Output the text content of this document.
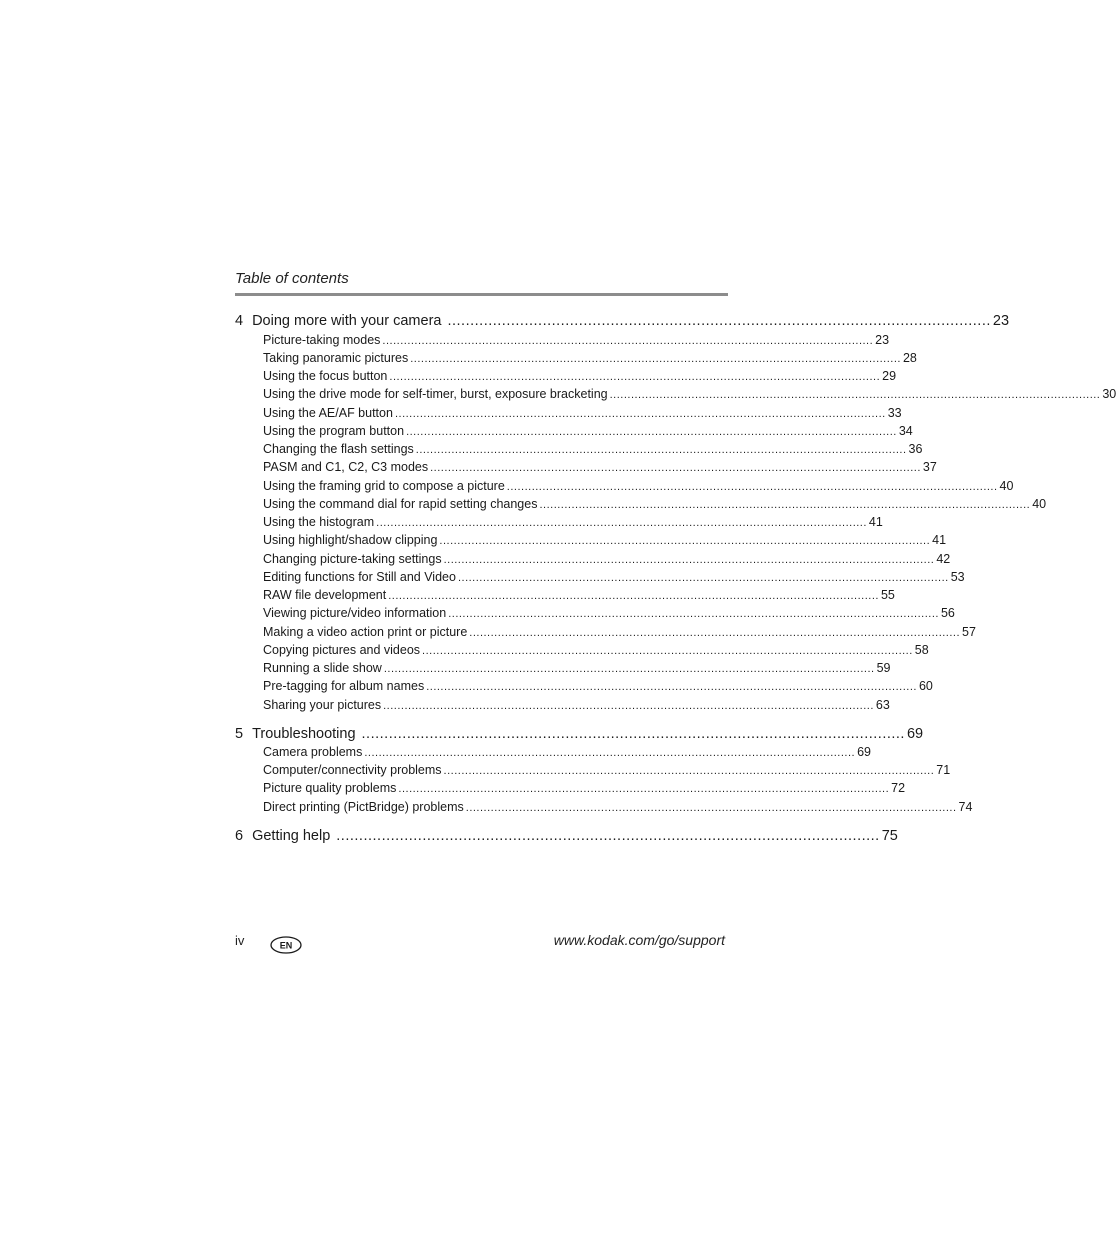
Table of contents
4 Doing more with your camera ........................................................................................................................ 23
Picture-taking modes .......................................................................................................................................... 23
Taking panoramic pictures .......................................................................................................................................... 28
Using the focus button .......................................................................................................................................... 29
Using the drive mode for self-timer, burst, exposure bracketing .......................................................................................................................................... 30
Using the AE/AF button .......................................................................................................................................... 33
Using the program button .......................................................................................................................................... 34
Changing the flash settings .......................................................................................................................................... 36
PASM and C1, C2, C3 modes .......................................................................................................................................... 37
Using the framing grid to compose a picture .......................................................................................................................................... 40
Using the command dial for rapid setting changes .......................................................................................................................................... 40
Using the histogram .......................................................................................................................................... 41
Using highlight/shadow clipping .......................................................................................................................................... 41
Changing picture-taking settings .......................................................................................................................................... 42
Editing functions for Still and Video .......................................................................................................................................... 53
RAW file development .......................................................................................................................................... 55
Viewing picture/video information .......................................................................................................................................... 56
Making a video action print or picture .......................................................................................................................................... 57
Copying pictures and videos .......................................................................................................................................... 58
Running a slide show .......................................................................................................................................... 59
Pre-tagging for album names .......................................................................................................................................... 60
Sharing your pictures .......................................................................................................................................... 63
5 Troubleshooting ........................................................................................................................ 69
Camera problems .......................................................................................................................................... 69
Computer/connectivity problems .......................................................................................................................................... 71
Picture quality problems .......................................................................................................................................... 72
Direct printing (PictBridge) problems .......................................................................................................................................... 74
6 Getting help ........................................................................................................................ 75
iv	EN	www.kodak.com/go/support
